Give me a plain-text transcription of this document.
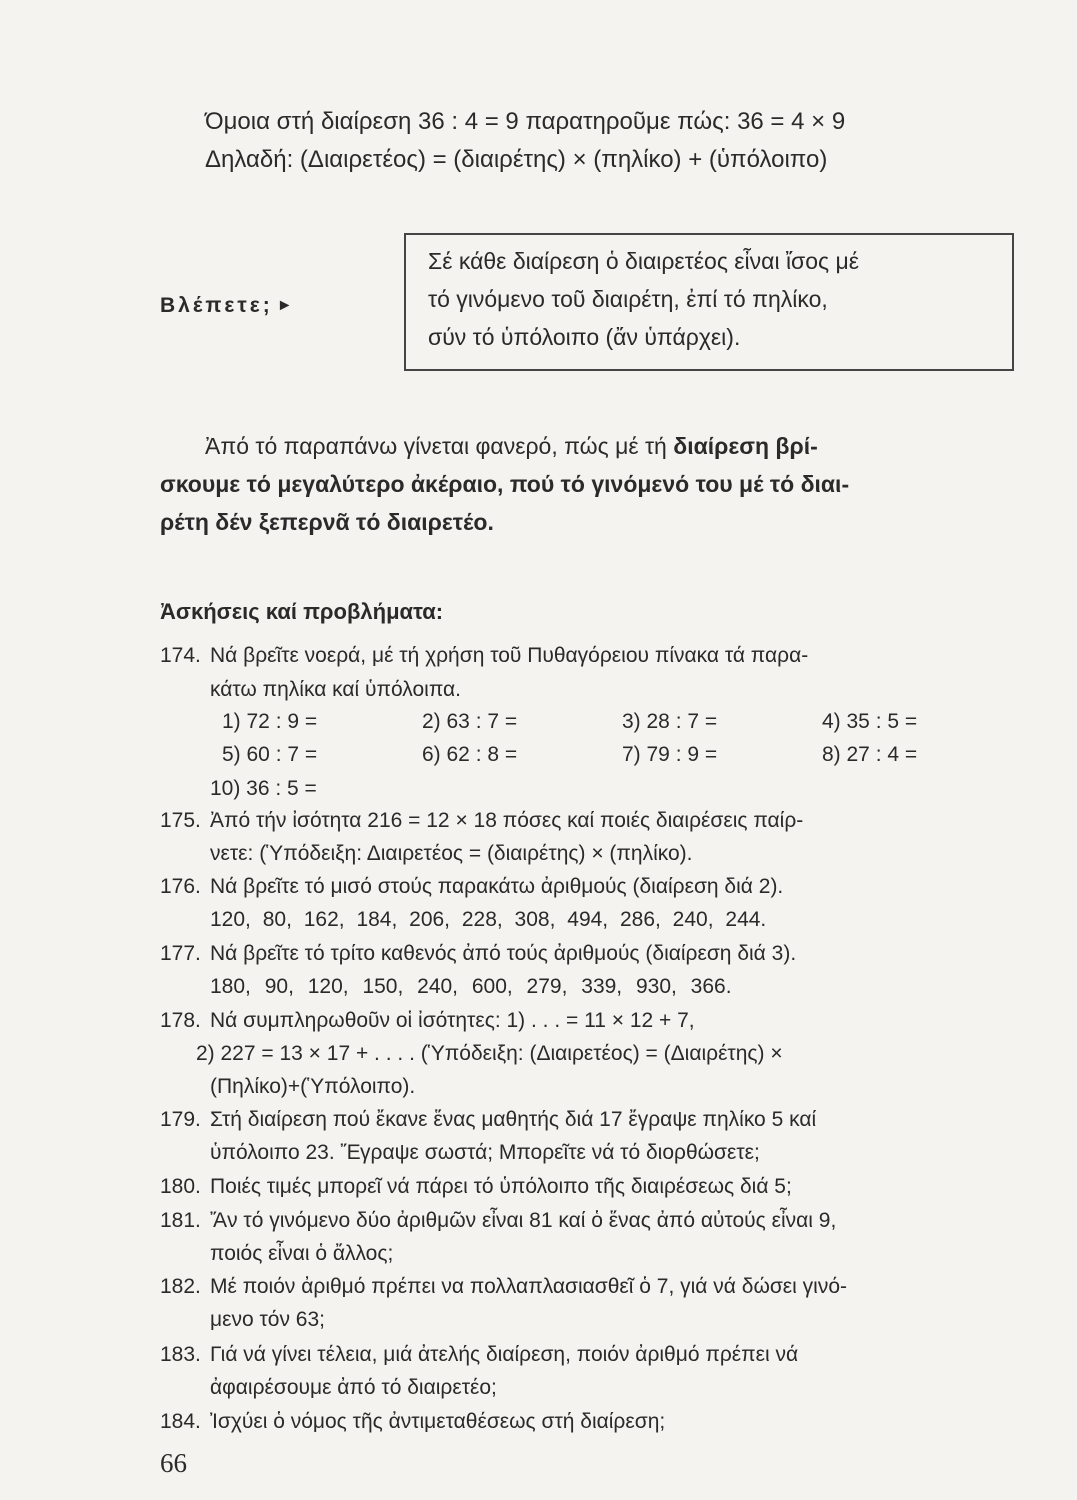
Όμοια στή διαίρεση 36 : 4 = 9 παρατηροῦμε πώς: 36 = 4 × 9
Δηλαδή: (Διαιρετέος) = (διαιρέτης) × (πηλίκο) + (ὑπόλοιπο)
Βλέπετε; ►
Σέ κάθε διαίρεση ὁ διαιρετέος εἶναι ἴσος μέ
τό γινόμενο τοῦ διαιρέτη, ἐπί τό πηλίκο,
σύν τό ὑπόλοιπο (ἄν ὑπάρχει).
Ἀπό τό παραπάνω γίνεται φανερό, πώς μέ τή διαίρεση βρί-
σκουμε τό μεγαλύτερο ἀκέραιο, πού τό γινόμενό του μέ τό διαι-
ρέτη δέν ξεπερνᾶ τό διαιρετέο.
Ἀσκήσεις καί προβλήματα:
174. Νά βρεῖτε νοερά, μέ τή χρήση τοῦ Πυθαγόρειου πίνακα τά παρα-
κάτω πηλίκα καί ὑπόλοιπα.
1) 72 : 9 =	2) 63 : 7 =	3) 28 : 7 =	4) 35 : 5 =
5) 60 : 7 =	6) 62 : 8 =	7) 79 : 9 =	8) 27 : 4 =
10) 36 : 5 =
175. Ἀπό τήν ἰσότητα 216 = 12 × 18 πόσες καί ποιές διαιρέσεις παίρ-
νετε: (Ὑπόδειξη: Διαιρετέος = (διαιρέτης) × (πηλίκο).
176. Νά βρεῖτε τό μισό στούς παρακάτω ἀριθμούς (διαίρεση διά 2).
120, 80, 162, 184, 206, 228, 308, 494, 286, 240, 244.
177. Νά βρεῖτε τό τρίτο καθενός ἀπό τούς ἀριθμούς (διαίρεση διά 3).
180, 90, 120, 150, 240, 600, 279, 339, 930, 366.
178. Νά συμπληρωθοῦν οἱ ἰσότητες: 1) . . . = 11 × 12 + 7,
2) 227 = 13 × 17 + . . . . (Ὑπόδειξη: (Διαιρετέος) = (Διαιρέτης) ×
(Πηλίκο)+(Ὑπόλοιπο).
179. Στή διαίρεση πού ἔκανε ἕνας μαθητής διά 17 ἔγραψε πηλίκο 5 καί
ὑπόλοιπο 23. Ἔγραψε σωστά; Μπορεῖτε νά τό διορθώσετε;
180. Ποιές τιμές μπορεῖ νά πάρει τό ὑπόλοιπο τῆς διαιρέσεως διά 5;
181. Ἄν τό γινόμενο δύο ἀριθμῶν εἶναι 81 καί ὁ ἕνας ἀπό αὐτούς εἶναι 9,
ποιός εἶναι ὁ ἄλλος;
182. Μέ ποιόν ἀριθμό πρέπει να πολλαπλασιασθεῖ ὁ 7, γιά νά δώσει γινό-
μενο τόν 63;
183. Γιά νά γίνει τέλεια, μιά ἀτελής διαίρεση, ποιόν ἀριθμό πρέπει νά
ἀφαιρέσουμε ἀπό τό διαιρετέο;
184. Ἰσχύει ὁ νόμος τῆς ἀντιμεταθέσεως στή διαίρεση;
66
